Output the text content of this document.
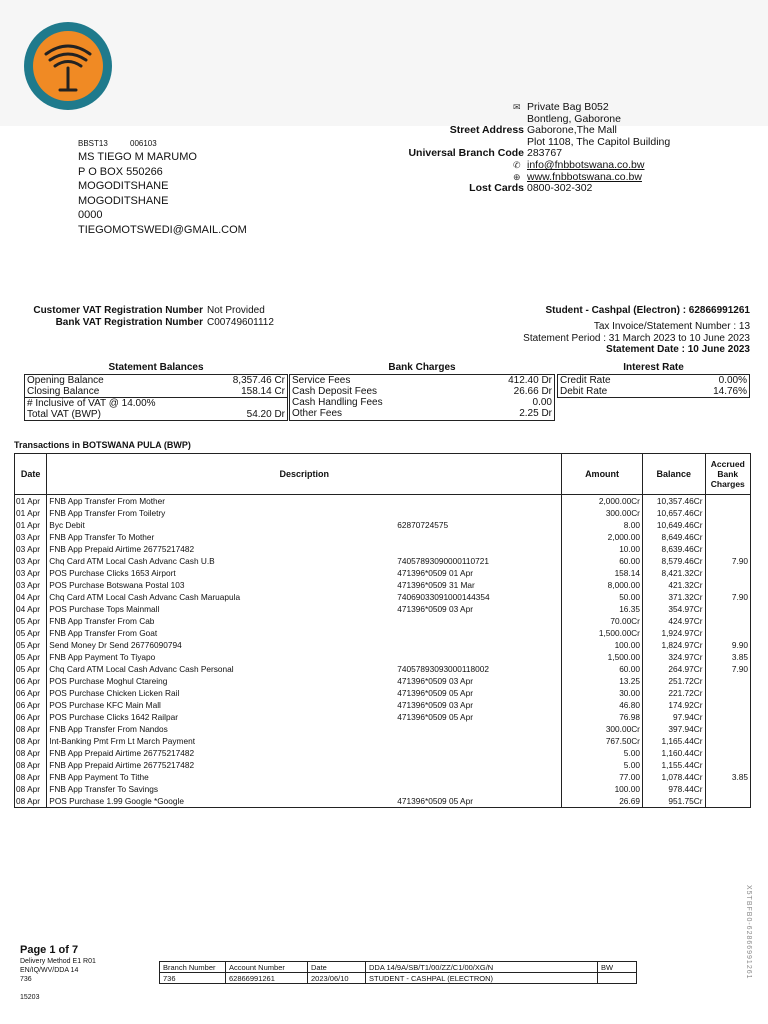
✉ Private Bag B052
Bontleng, Gaborone
Street Address Gaborone,The Mall
Plot 1108, The Capitol Building
Universal Branch Code 283767
✆ info@fnbbotswana.co.bw
⊕ www.fnbbotswana.co.bw
Lost Cards 0800-302-302
BBST13	006103
MS TIEGO M MARUMO
P O BOX 550266
MOGODITSHANE
MOGODITSHANE
0000
TIEGOMOTSWEDI@GMAIL.COM
Customer VAT Registration Number Not Provided
Bank VAT Registration Number C00749601112
Student - Cashpal (Electron) : 62866991261
Tax Invoice/Statement Number : 13
Statement Period : 31 March 2023 to 10 June 2023
Statement Date : 10 June 2023
Statement Balances	Bank Charges	Interest Rate
Opening Balance	8,357.46 Cr
Closing Balance	158.14 Cr
# Inclusive of VAT @ 14.00%
Total VAT (BWP)	54.20 Dr
Service Fees	412.40 Dr
Cash Deposit Fees	26.66 Dr
Cash Handling Fees	0.00
Other Fees	2.25 Dr
Credit Rate	0.00%
Debit Rate	14.76%
Transactions in BOTSWANA PULA (BWP)
Date	Description	Amount	Balance	Accrued Bank Charges
01 Apr	FNB App Transfer From Mother	2,000.00Cr	10,357.46Cr	
01 Apr	FNB App Transfer From Toiletry	300.00Cr	10,657.46Cr	
01 Apr	Byc Debit 62870724575	8.00	10,649.46Cr	
03 Apr	FNB App Transfer To Mother	2,000.00	8,649.46Cr	
03 Apr	FNB App Prepaid Airtime 26775217482	10.00	8,639.46Cr	
03 Apr	Chq Card ATM Local Cash Advanc Cash U.B 740578930900001107​21	60.00	8,579.46Cr	7.90
03 Apr	POS Purchase Clicks 1653 Airport 471396*0509 01 Apr	158.14	8,421.32Cr	
03 Apr	POS Purchase Botswana Postal 103 471396*0509 31 Mar	8,000.00	421.32Cr	
04 Apr	Chq Card ATM Local Cash Advanc Cash Maruapula 74069033091000144354	50.00	371.32Cr	7.90
04 Apr	POS Purchase Tops Mainmall 471396*0509 03 Apr	16.35	354.97Cr	
05 Apr	FNB App Transfer From Cab	70.00Cr	424.97Cr	
05 Apr	FNB App Transfer From Goat	1,500.00Cr	1,924.97Cr	
05 Apr	Send Money Dr Send 26776090794	100.00	1,824.97Cr	9.90
05 Apr	FNB App Payment To Tiyapo	1,500.00	324.97Cr	3.85
05 Apr	Chq Card ATM Local Cash Advanc Cash Personal 74057893093000118002	60.00	264.97Cr	7.90
06 Apr	POS Purchase Moghul Ctareing 471396*0509 03 Apr	13.25	251.72Cr	
06 Apr	POS Purchase Chicken Licken Rail 471396*0509 05 Apr	30.00	221.72Cr	
06 Apr	POS Purchase KFC Main Mall 471396*0509 03 Apr	46.80	174.92Cr	
06 Apr	POS Purchase Clicks 1642 Railpar 471396*0509 05 Apr	76.98	97.94Cr	
08 Apr	FNB App Transfer From Nandos	300.00Cr	397.94Cr	
08 Apr	Int-Banking Pmt Frm Lt March Payment	767.50Cr	1,165.44Cr	
08 Apr	FNB App Prepaid Airtime 26775217482	5.00	1,160.44Cr	
08 Apr	FNB App Prepaid Airtime 26775217482	5.00	1,155.44Cr	
08 Apr	FNB App Payment To Tithe	77.00	1,078.44Cr	3.85
08 Apr	FNB App Transfer To Savings	100.00	978.44Cr	
08 Apr	POS Purchase 1.99 Google *Google 471396*0509 05 Apr	26.69	951.75Cr	
Page 1 of 7
Delivery Method E1 R01
EN/IQ/WV/DDA 14
736
15203
Branch Number	Account Number	Date	DDA 14/9A/SB/T1/00/ZZ/C1/00/XG/N	BW
736	62866991261	2023/06/10	STUDENT - CASHPAL (ELECTRON)		X5TBFB0-62866991261
